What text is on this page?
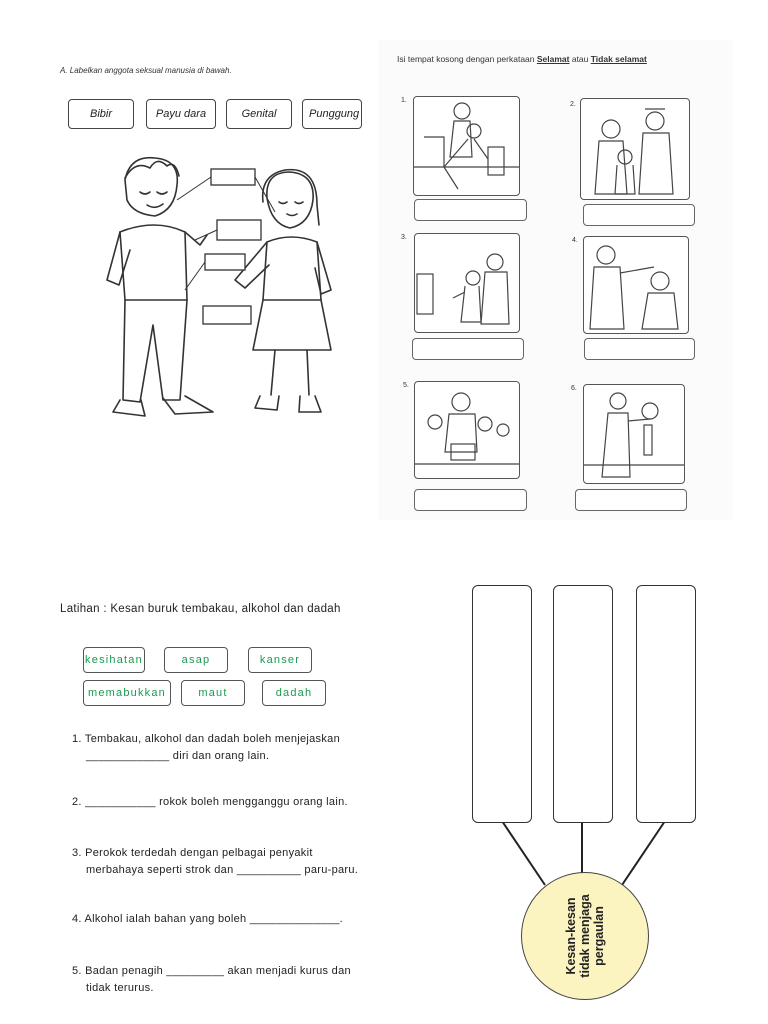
A. Labelkan anggota seksual manusia di bawah.
Bibir	Payu dara	Genital	Punggung
Isi tempat kosong dengan perkataan Selamat atau Tidak selamat
1.
2.
3.	4.
5.	6.
Latihan : Kesan buruk tembakau, alkohol dan dadah
kesihatan	asap	kanser
memabukkan	maut	dadah
1. Tembakau, alkohol dan dadah boleh menjejaskan
_____________ diri dan orang lain.
2. ___________ rokok boleh mengganggu orang lain.
3. Perokok terdedah dengan pelbagai penyakit
merbahaya seperti strok dan __________ paru-paru.
4. Alkohol ialah bahan yang boleh ______________.
5. Badan penagih _________ akan menjadi kurus dan
tidak terurus.
Kesan-kesan tidak menjaga pergaulan
